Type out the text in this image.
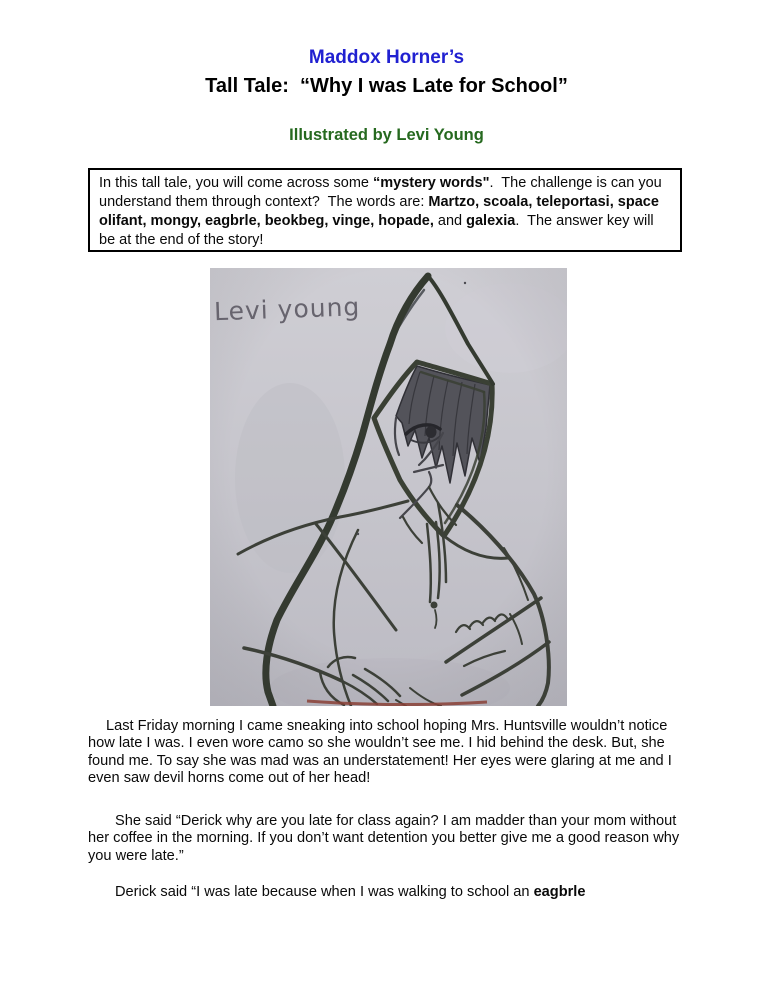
Maddox Horner’s
Tall Tale:  “Why I was Late for School”
Illustrated by Levi Young

In this tall tale, you will come across some “mystery words".  The challenge is can you understand them through context?  The words are: Martzo, scoala, teleportasi, space olifant, mongy, eagbrle, beokbeg, vinge, hopade, and galexia.  The answer key will be at the end of the story!

Levi young

Last Friday morning I came sneaking into school hoping Mrs. Huntsville wouldn’t notice how late I was. I even wore camo so she wouldn’t see me. I hid behind the desk. But, she found me. To say she was mad was an understatement! Her eyes were glaring at me and I even saw devil horns come out of her head!

She said “Derick why are you late for class again? I am madder than your mom without her coffee in the morning. If you don’t want detention you better give me a good reason why you were late.”

Derick said “I was late because when I was walking to school an eagbrle
